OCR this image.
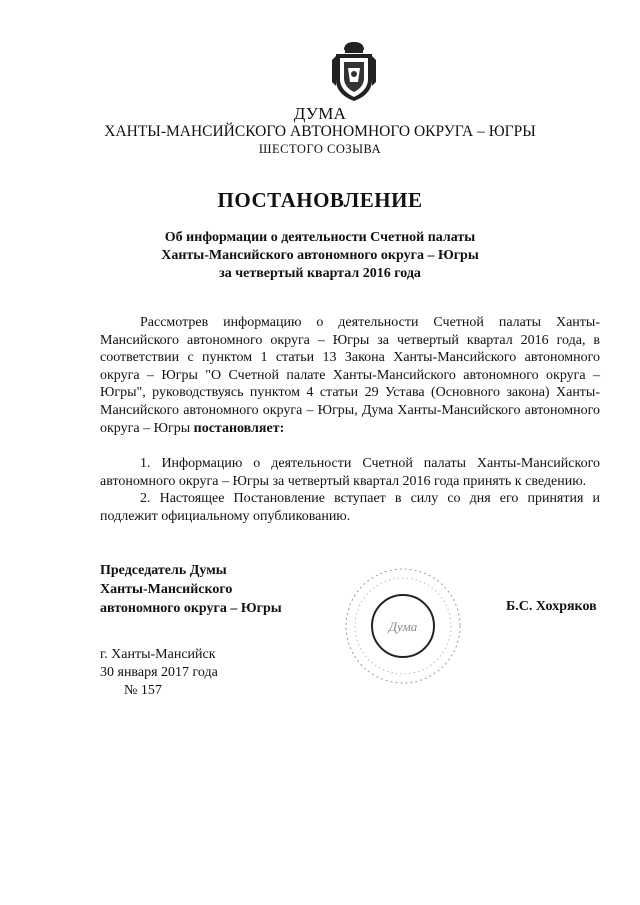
ДУМА
ХАНТЫ-МАНСИЙСКОГО АВТОНОМНОГО ОКРУГА – ЮГРЫ
ШЕСТОГО СОЗЫВА
ПОСТАНОВЛЕНИЕ
Об информации о деятельности Счетной палаты
Ханты-Мансийского автономного округа – Югры
за четвертый квартал 2016 года
Рассмотрев информацию о деятельности Счетной палаты Ханты-Мансийского автономного округа – Югры за четвертый квартал 2016 года, в соответствии с пунктом 1 статьи 13 Закона Ханты-Мансийского автономного округа – Югры "О Счетной палате Ханты-Мансийского автономного округа – Югры", руководствуясь пунктом 4 статьи 29 Устава (Основного закона) Ханты-Мансийского автономного округа – Югры, Дума Ханты-Мансийского автономного округа – Югры постановляет:

1. Информацию о деятельности Счетной палаты Ханты-Мансийского автономного округа – Югры за четвертый квартал 2016 года принять к сведению.

2. Настоящее Постановление вступает в силу со дня его принятия и подлежит официальному опубликованию.

Председатель Думы
Ханты-Мансийского
автономного округа – Югры
Дума
Б.С. Хохряков
г. Ханты-Мансийск
30 января 2017 года
№ 157
